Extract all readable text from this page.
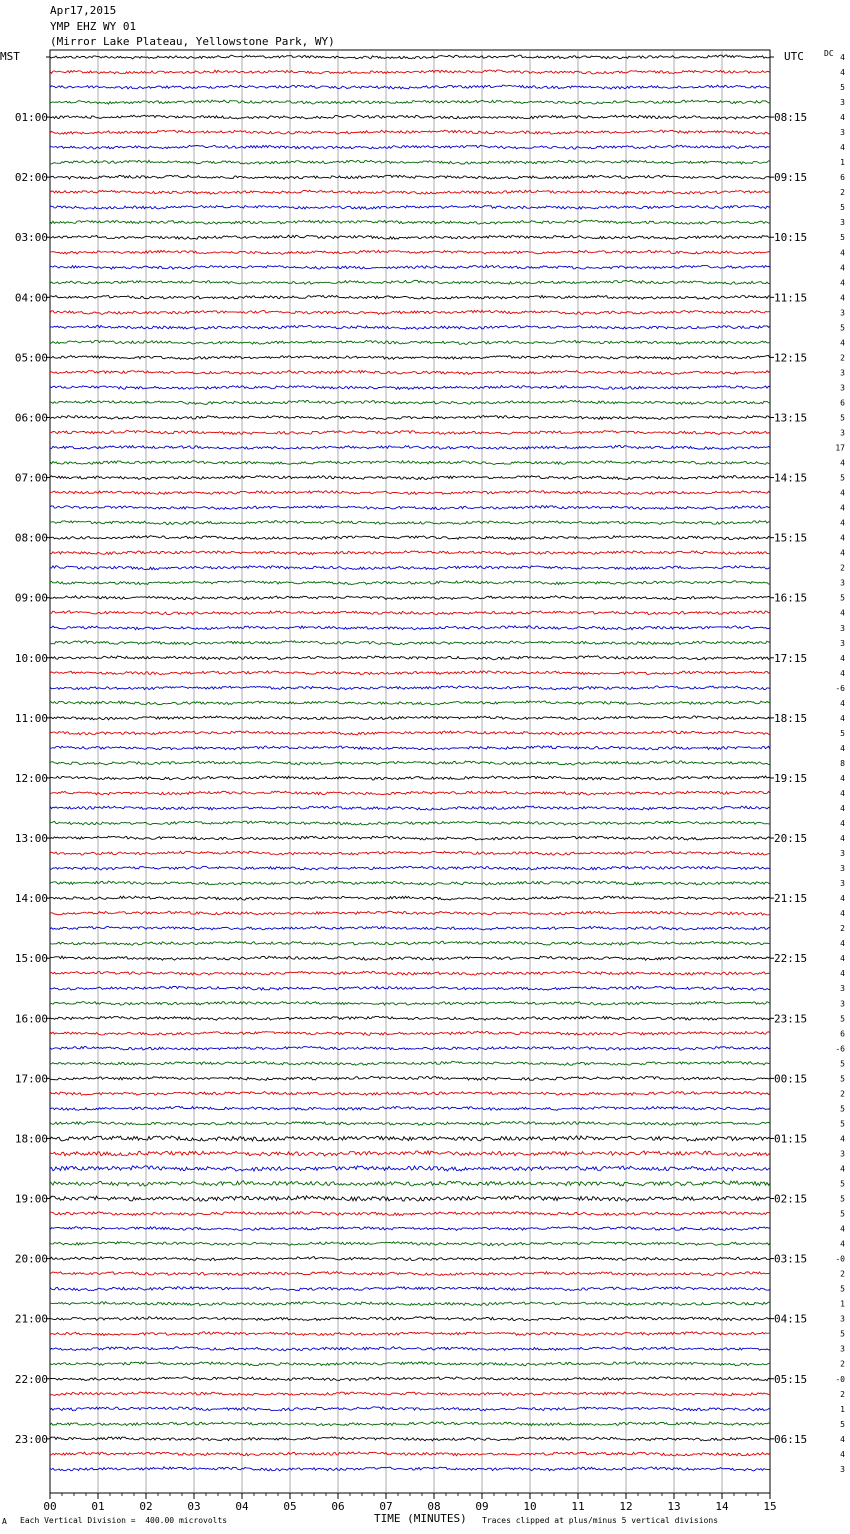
Apr17,2015
YMP EHZ WY 01
(Mirror Lake Plateau, Yellowstone Park, WY)
MST	UTC	DC
00	01	02	03	04	05	06	07	08	09	10	11	12	13	14	15
4
4
5
3
4
3
4
1
6
2
5
3
5
4
4
4
4
3
5
4
2
3
3
6
5
3
17
4
5
4
4
4
4
4
2
3
5
4
3
3
4
4
-6
4
4
5
4
8
4
4
4
4
4
3
3
3
4
4
2
4
4
4
3
3
5
6
-6
5
5
2
5
5
4
3
4
5
5
5
4
4
-0
2
5
1
3
5
3
2
-0
2
1
5
4
4
3
01:00
02:00
03:00
04:00
05:00
06:00
07:00
08:00
09:00
10:00
11:00
12:00
13:00
14:00
15:00
16:00
17:00
18:00
19:00
20:00
21:00
22:00
23:00
08:15
09:15
10:15
11:15
12:15
13:15
14:15
15:15
16:15
17:15
18:15
19:15
20:15
21:15
22:15
23:15
00:15
01:15
02:15
03:15
04:15
05:15
06:15
TIME (MINUTES)
Each Vertical Division =  400.00 microvolts	Traces clipped at plus/minus 5 vertical divisions
A
